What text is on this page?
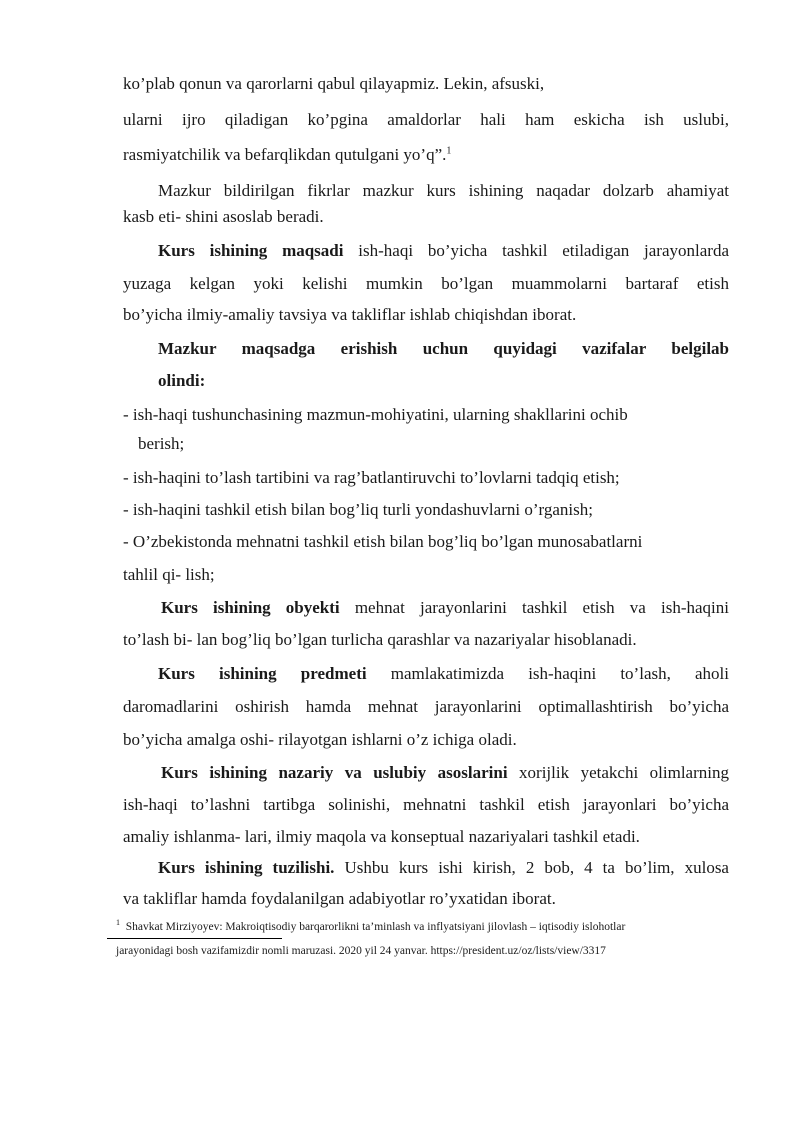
ko’plab qonun va qarorlarni qabul qilayapmiz. Lekin, afsuski,
ularni ijro qiladigan ko’pgina amaldorlar hali ham eskicha ish uslubi,
rasmiyatchilik va befarqlikdan qutulgani yo’q”.$^1$
Mazkur bildirilgan fikrlar mazkur kurs ishining naqadar dolzarb ahamiyat
kasb eti- shini asoslab beradi.
Kurs ishining maqsadi ish-haqi bo’yicha tashkil etiladigan jarayonlarda
yuzaga kelgan yoki kelishi mumkin bo’lgan muammolarni bartaraf etish
bo’yicha ilmiy-amaliy tavsiya va takliflar ishlab chiqishdan iborat.
Mazkur maqsadga erishish uchun quyidagi vazifalar belgilab
olindi:
- ish-haqi tushunchasining mazmun-mohiyatini, ularning shakllarini ochib
berish;
- ish-haqini to’lash tartibini va rag’batlantiruvchi to’lovlarni tadqiq etish;
- ish-haqini tashkil etish bilan bog’liq turli yondashuvlarni o’rganish;
- O’zbekistonda mehnatni tashkil etish bilan bog’liq bo’lgan munosabatlarni
tahlil qi- lish;
Kurs ishining obyekti mehnat jarayonlarini tashkil etish va ish-haqini
to’lash bi- lan bog’liq bo’lgan turlicha qarashlar va nazariyalar hisoblanadi.
Kurs ishining predmeti mamlakatimizda ish-haqini to’lash, aholi
daromadlarini oshirish hamda mehnat jarayonlarini optimallashtirish bo’yicha
bo’yicha amalga oshi- rilayotgan ishlarni o’z ichiga oladi.
Kurs ishining nazariy va uslubiy asoslarini xorijlik yetakchi olimlarning
ish-haqi to’lashni tartibga solinishi, mehnatni tashkil etish jarayonlari bo’yicha
amaliy ishlanma- lari, ilmiy maqola va konseptual nazariyalari tashkil etadi.
Kurs ishining tuzilishi. Ushbu kurs ishi kirish, 2 bob, 4 ta bo’lim, xulosa
va takliflar hamda foydalanilgan adabiyotlar ro’yxatidan iborat.
$^1$ Shavkat Mirziyoyev: Makroiqtisodiy barqarorlikni ta’minlash va inflyatsiyani jilovlash – iqtisodiy islohotlar
jarayonidagi bosh vazifamizdir nomli maruzasi. 2020 yil 24 yanvar. https://president.uz/oz/lists/view/3317
